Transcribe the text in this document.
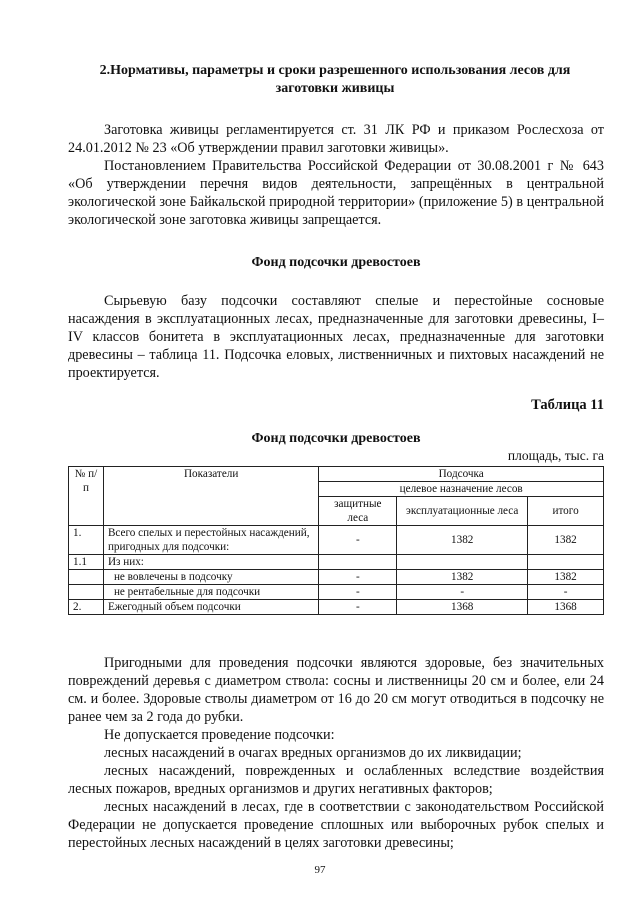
2.Нормативы, параметры и сроки разрешенного использования лесов для
заготовки живицы

Заготовка живицы регламентируется ст. 31 ЛК РФ и приказом Рослесхоза от 24.01.2012 № 23 «Об утверждении правил заготовки живицы».

Постановлением Правительства Российской Федерации от 30.08.2001 г № 643 «Об утверждении перечня видов деятельности, запрещённых в центральной экологической зоне Байкальской природной территории» (приложение 5) в центральной экологической зоне заготовка живицы запрещается.

Фонд подсочки древостоев

Сырьевую базу подсочки составляют спелые и перестойные сосновые насаждения в эксплуатационных лесах, предназначенные для заготовки древесины, I–IV классов бонитета в эксплуатационных лесах, предназначенные для заготовки древесины – таблица 11. Подсочка еловых, лиственничных и пихтовых насаждений не проектируется.

Таблица 11
Фонд подсочки древостоев
площадь, тыс. га
№ п/п	Показатели	Подсочка		
		целевое назначение лесов		
		защитные леса	эксплуатационные леса	итого
1.	Всего спелых и перестойных насаждений, пригодных для подсочки:	-	1382	1382
1.1	Из них:			
	не вовлечены в подсочку	-	1382	1382
	не рентабельные для подсочки	-	-	-
2.	Ежегодный объем подсочки	-	1368	1368

Пригодными для проведения подсочки являются здоровые, без значительных повреждений деревья с диаметром ствола: сосны и лиственницы 20 см и более, ели 24 см. и более. Здоровые стволы диаметром от 16 до 20 см могут отводиться в подсочку не ранее чем за 2 года до рубки.

Не допускается проведение подсочки:

лесных насаждений в очагах вредных организмов до их ликвидации;

лесных насаждений, поврежденных и ослабленных вследствие воздействия лесных пожаров, вредных организмов и других негативных факторов;

лесных насаждений в лесах, где в соответствии с законодательством Российской Федерации не допускается проведение сплошных или выборочных рубок спелых и перестойных лесных насаждений в целях заготовки древесины;

97
